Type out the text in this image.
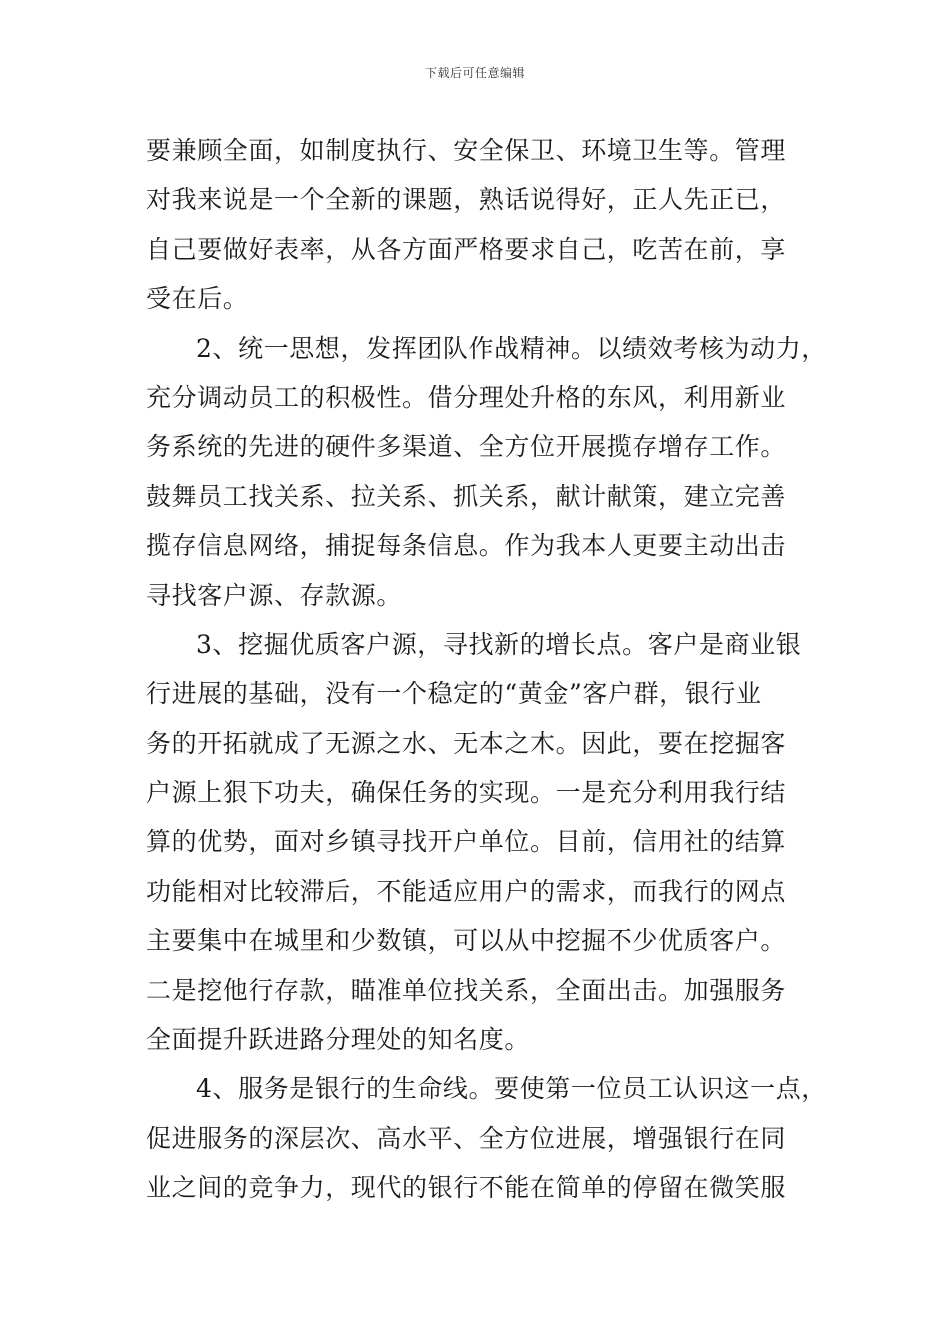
下载后可任意编辑
要兼顾全面，如制度执行、安全保卫、环境卫生等。管理
对我来说是一个全新的课题，熟话说得好，正人先正已，
自己要做好表率，从各方面严格要求自己，吃苦在前，享
受在后。
2、统一思想，发挥团队作战精神。以绩效考核为动力，
充分调动员工的积极性。借分理处升格的东风，利用新业
务系统的先进的硬件多渠道、全方位开展揽存增存工作。
鼓舞员工找关系、拉关系、抓关系，献计献策，建立完善
揽存信息网络，捕捉每条信息。作为我本人更要主动出击
寻找客户源、存款源。
3、挖掘优质客户源，寻找新的增长点。客户是商业银
行进展的基础，没有一个稳定的“黄金”客户群，银行业
务的开拓就成了无源之水、无本之木。因此，要在挖掘客
户源上狠下功夫，确保任务的实现。一是充分利用我行结
算的优势，面对乡镇寻找开户单位。目前，信用社的结算
功能相对比较滞后，不能适应用户的需求，而我行的网点
主要集中在城里和少数镇，可以从中挖掘不少优质客户。
二是挖他行存款，瞄准单位找关系，全面出击。加强服务
全面提升跃进路分理处的知名度。
4、服务是银行的生命线。要使第一位员工认识这一点，
促进服务的深层次、高水平、全方位进展，增强银行在同
业之间的竞争力，现代的银行不能在简单的停留在微笑服
